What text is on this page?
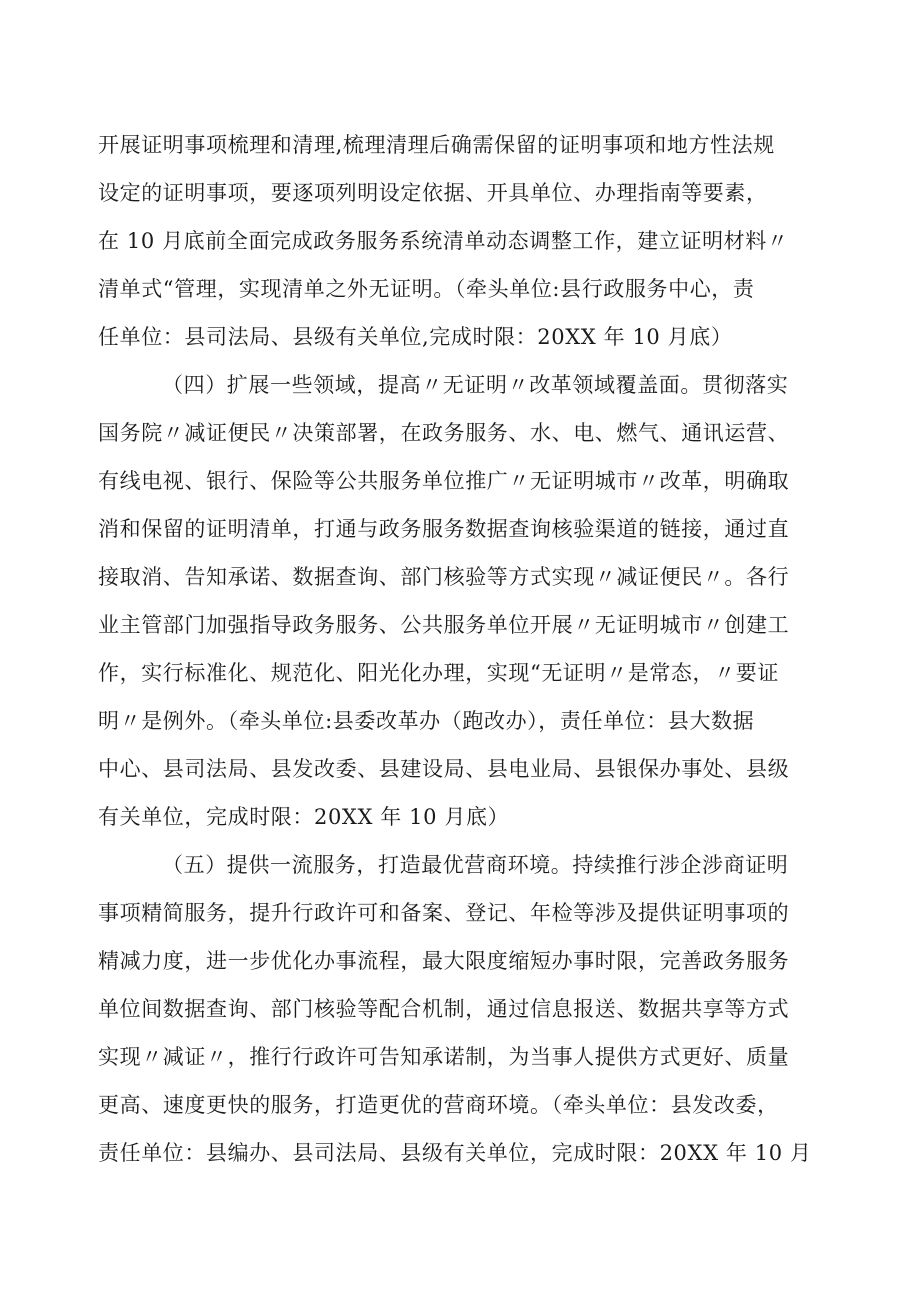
开展证明事项梳理和清理,梳理清理后确需保留的证明事项和地方性法规
设定的证明事项，要逐项列明设定依据、开具单位、办理指南等要素，
在 10 月底前全面完成政务服务系统清单动态调整工作，建立证明材料〃
清单式“管理，实现清单之外无证明。（牵头单位:县行政服务中心，责
任单位：县司法局、县级有关单位,完成时限：20XX 年 10 月底）
（四）扩展一些领域，提高〃无证明〃改革领域覆盖面。贯彻落实
国务院〃减证便民〃决策部署，在政务服务、水、电、燃气、通讯运营、
有线电视、银行、保险等公共服务单位推广〃无证明城市〃改革，明确取
消和保留的证明清单，打通与政务服务数据查询核验渠道的链接，通过直
接取消、告知承诺、数据查询、部门核验等方式实现〃减证便民〃。各行
业主管部门加强指导政务服务、公共服务单位开展〃无证明城市〃创建工
作，实行标准化、规范化、阳光化办理，实现“无证明〃是常态，〃要证
明〃是例外。（牵头单位:县委改革办（跑改办），责任单位：县大数据
中心、县司法局、县发改委、县建设局、县电业局、县银保办事处、县级
有关单位，完成时限：20XX 年 10 月底）
（五）提供一流服务，打造最优营商环境。持续推行涉企涉商证明
事项精简服务，提升行政许可和备案、登记、年检等涉及提供证明事项的
精减力度，进一步优化办事流程，最大限度缩短办事时限，完善政务服务
单位间数据查询、部门核验等配合机制，通过信息报送、数据共享等方式
实现〃减证〃，推行行政许可告知承诺制，为当事人提供方式更好、质量
更高、速度更快的服务，打造更优的营商环境。（牵头单位：县发改委，
责任单位：县编办、县司法局、县级有关单位，完成时限：20XX 年 10 月
